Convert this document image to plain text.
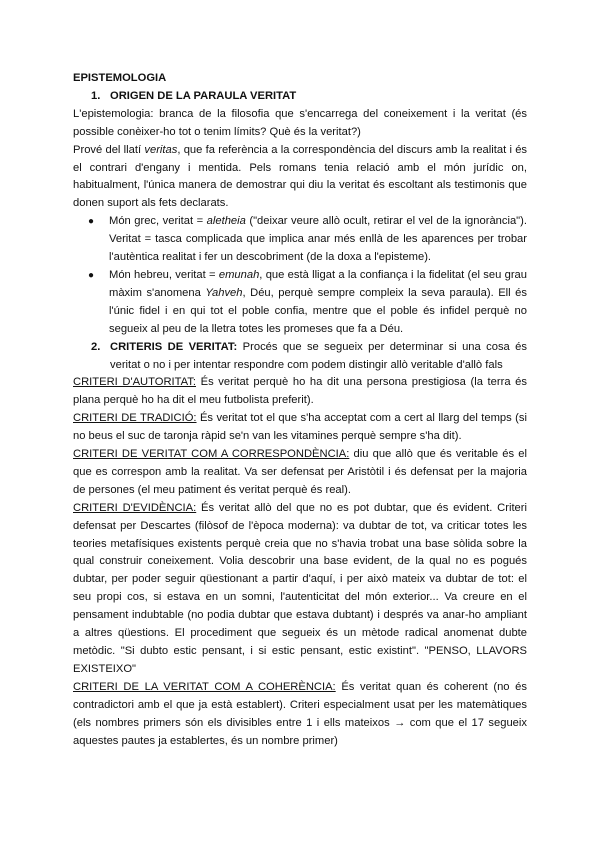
EPISTEMOLOGIA

1. ORIGEN DE LA PARAULA VERITAT

L'epistemologia: branca de la filosofia que s'encarrega del coneixement i la veritat (és possible conèixer-ho tot o tenim límits? Què és la veritat?)

Prové del llatí veritas, que fa referència a la correspondència del discurs amb la realitat i és el contrari d'engany i mentida. Pels romans tenia relació amb el món jurídic on, habitualment, l'única manera de demostrar qui diu la veritat és escoltant als testimonis que donen suport als fets declarats.

● Món grec, veritat = aletheia ("deixar veure allò ocult, retirar el vel de la ignorància"). Veritat = tasca complicada que implica anar més enllà de les aparences per trobar l'autèntica realitat i fer un descobriment (de la doxa a l'episteme).
● Món hebreu, veritat = emunah, que està lligat a la confiança i la fidelitat (el seu grau màxim s'anomena Yahveh, Déu, perquè sempre compleix la seva paraula). Ell és l'únic fidel i en qui tot el poble confia, mentre que el poble és infidel perquè no segueix al peu de la lletra totes les promeses que fa a Déu.
2. CRITERIS DE VERITAT: Procés que se segueix per determinar si una cosa és veritat o no i per intentar respondre com podem distingir allò veritable d'allò fals

CRITERI D'AUTORITAT: És veritat perquè ho ha dit una persona prestigiosa (la terra és plana perquè ho ha dit el meu futbolista preferit).

CRITERI DE TRADICIÓ: És veritat tot el que s'ha acceptat com a cert al llarg del temps (si no beus el suc de taronja ràpid se'n van les vitamines perquè sempre s'ha dit).

CRITERI DE VERITAT COM A CORRESPONDÈNCIA: diu que allò que és veritable és el que es correspon amb la realitat. Va ser defensat per Aristòtil i és defensat per la majoria de persones (el meu patiment és veritat perquè és real).

CRITERI D'EVIDÈNCIA: És veritat allò del que no es pot dubtar, que és evident. Criteri defensat per Descartes (filòsof de l'època moderna): va dubtar de tot, va criticar totes les teories metafísiques existents perquè creia que no s'havia trobat una base sòlida sobre la qual construir coneixement. Volia descobrir una base evident, de la qual no es pogués dubtar, per poder seguir qüestionant a partir d'aquí, i per això mateix va dubtar de tot: el seu propi cos, si estava en un somni, l'autenticitat del món exterior... Va creure en el pensament indubtable (no podia dubtar que estava dubtant) i després va anar-ho ampliant a altres qüestions. El procediment que segueix és un mètode radical anomenat dubte metòdic. "Si dubto estic pensant, i si estic pensant, estic existint". "PENSO, LLAVORS EXISTEIXO"

CRITERI DE LA VERITAT COM A COHERÈNCIA: És veritat quan és coherent (no és contradictori amb el que ja està establert). Criteri especialment usat per les matemàtiques (els nombres primers són els divisibles entre 1 i ells mateixos → com que el 17 segueix aquestes pautes ja establertes, és un nombre primer)
